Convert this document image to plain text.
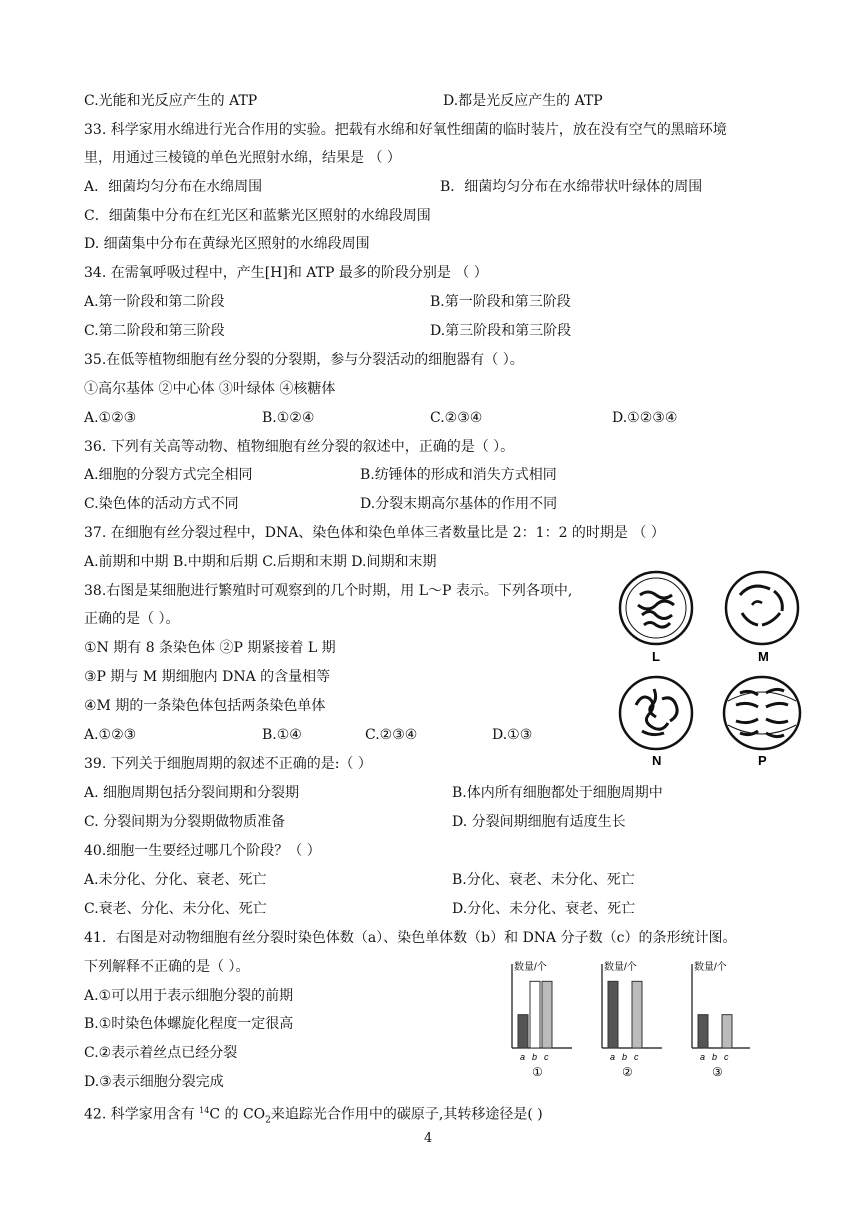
C.光能和光反应产生的 ATP	D.都是光反应产生的 ATP
33. 科学家用水绵进行光合作用的实验。把载有水绵和好氧性细菌的临时装片，放在没有空气的黑暗环境
里，用通过三棱镜的单色光照射水绵，结果是 （ ）
A．细菌均匀分布在水绵周围	B．细菌均匀分布在水绵带状叶绿体的周围
C．细菌集中分布在红光区和蓝紫光区照射的水绵段周围
D. 细菌集中分布在黄绿光区照射的水绵段周围
34. 在需氧呼吸过程中，产生[H]和 ATP 最多的阶段分别是 （ ）
A.第一阶段和第二阶段	B.第一阶段和第三阶段
C.第二阶段和第三阶段	D.第三阶段和第三阶段
35.在低等植物细胞有丝分裂的分裂期，参与分裂活动的细胞器有（ ）。
①高尔基体 ②中心体 ③叶绿体 ④核糖体
A.①②③	B.①②④	C.②③④	D.①②③④
36. 下列有关高等动物、植物细胞有丝分裂的叙述中，正确的是（ ）。
A.细胞的分裂方式完全相同	B.纺锤体的形成和消失方式相同
C.染色体的活动方式不同	D.分裂末期高尔基体的作用不同
37. 在细胞有丝分裂过程中，DNA、染色体和染色单体三者数量比是 2：1：2 的时期是 （ ）
A.前期和中期 B.中期和后期 C.后期和末期 D.间期和末期
38.右图是某细胞进行繁殖时可观察到的几个时期，用 L～P 表示。下列各项中,
正确的是（ ）。
①N 期有 8 条染色体 ②P 期紧接着 L 期
③P 期与 M 期细胞内 DNA 的含量相等
④M 期的一条染色体包括两条染色单体
A.①②③	B.①④	C.②③④	D.①③
L	M
N	P
39. 下列关于细胞周期的叙述不正确的是:（ ）
A. 细胞周期包括分裂间期和分裂期	B.体内所有细胞都处于细胞周期中
C. 分裂间期为分裂期做物质准备	D. 分裂间期细胞有适度生长
40.细胞一生要经过哪几个阶段？（ ）
A.未分化、分化、衰老、死亡	B.分化、衰老、未分化、死亡
C.衰老、分化、未分化、死亡	D.分化、未分化、衰老、死亡
41．右图是对动物细胞有丝分裂时染色体数（a）、染色单体数（b）和 DNA 分子数（c）的条形统计图。
下列解释不正确的是（ ）。
A.①可以用于表示细胞分裂的前期
B.①时染色体螺旋化程度一定很高
C.②表示着丝点已经分裂
D.③表示细胞分裂完成
数量/个
a b c
①
数量/个
a b c
②
数量/个
a b c
③
42. 科学家用含有 $^{14}$C 的 $CO_2$来追踪光合作用中的碳原子,其转移途径是( )
4
